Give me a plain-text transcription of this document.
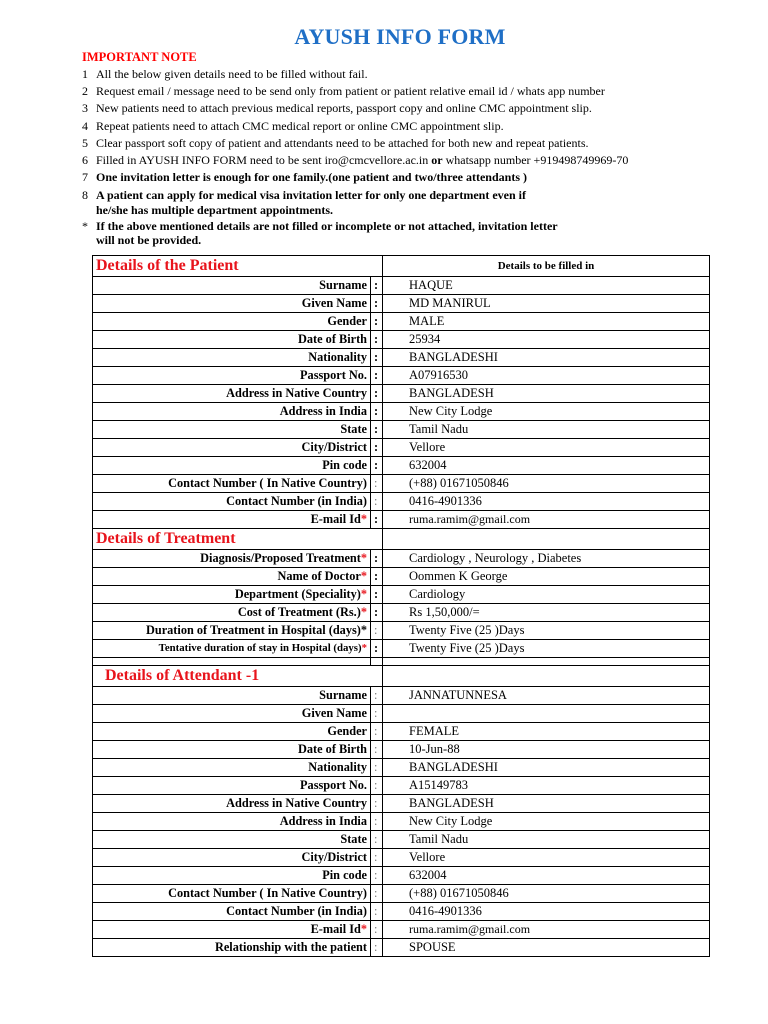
AYUSH INFO FORM
IMPORTANT NOTE
1 All the below given details need to be filled without fail.
2 Request email / message need to be send only from patient or patient relative email id / whats app number
3 New patients need to attach previous medical reports, passport copy and online CMC appointment slip.
4 Repeat patients need to attach CMC medical report or online CMC appointment slip.
5 Clear passport soft copy of patient and attendants need to be attached for both new and repeat patients.
6 Filled in AYUSH INFO FORM need to be sent iro@cmcvellore.ac.in or whatsapp number +919498749969-70
7 One invitation letter is enough for one family.(one patient and two/three attendants )
8 A patient can apply for medical visa invitation letter for only one department even if
he/she has multiple department appointments.
* If the above mentioned details are not filled or incomplete or not attached, invitation letter
will not be provided.
Details of the Patient		Details to be filled in
Surname	:	HAQUE
Given Name	:	MD MANIRUL
Gender	:	MALE
Date of Birth	:	25934
Nationality	:	BANGLADESHI
Passport No.	:	A07916530
Address in Native Country	:	BANGLADESH
Address in India	:	New City Lodge
State	:	Tamil Nadu
City/District	:	Vellore
Pin code	:	632004
Contact Number ( In Native Country)	:	(+88) 01671050846
Contact Number (in India)	:	0416-4901336
E-mail Id*	:	ruma.ramim@gmail.com
Details of Treatment		
Diagnosis/Proposed Treatment*	:	Cardiology , Neurology , Diabetes
Name of Doctor*	:	Oommen K George
Department (Speciality)*	:	Cardiology
Cost of Treatment (Rs.)*	:	Rs 1,50,000/=
Duration of Treatment in Hospital (days)*	:	Twenty Five (25 )Days
Tentative duration of stay in Hospital (days)*	:	Twenty Five (25 )Days

Details of Attendant -1		
Surname	:	JANNATUNNESA
Given Name	:	
Gender	:	FEMALE
Date of Birth	:	10-Jun-88
Nationality	:	BANGLADESHI
Passport No.	:	A15149783
Address in Native Country	:	BANGLADESH
Address in India	:	New City Lodge
State	:	Tamil Nadu
City/District	:	Vellore
Pin code	:	632004
Contact Number ( In Native Country)	:	(+88) 01671050846
Contact Number (in India)	:	0416-4901336
E-mail Id*	:	ruma.ramim@gmail.com
Relationship with the patient	:	SPOUSE
